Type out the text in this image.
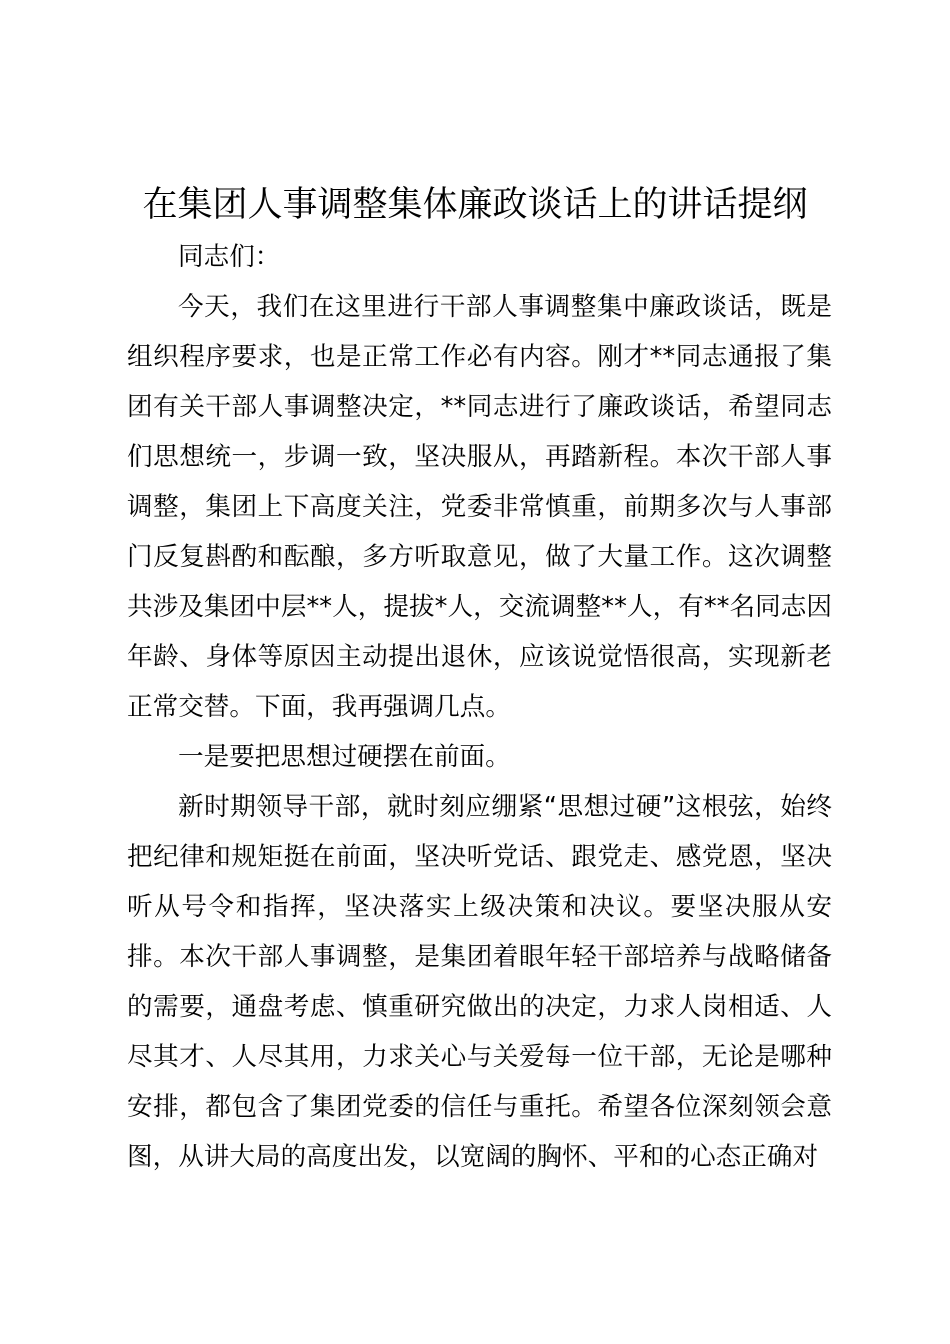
在集团人事调整集体廉政谈话上的讲话提纲

同志们：

今天，我们在这里进行干部人事调整集中廉政谈话，既是组织程序要求，也是正常工作必有内容。刚才**同志通报了集团有关干部人事调整决定，**同志进行了廉政谈话，希望同志们思想统一，步调一致，坚决服从，再踏新程。本次干部人事调整，集团上下高度关注，党委非常慎重，前期多次与人事部门反复斟酌和酝酿，多方听取意见，做了大量工作。这次调整共涉及集团中层**人，提拔*人，交流调整**人，有**名同志因年龄、身体等原因主动提出退休，应该说觉悟很高，实现新老正常交替。下面，我再强调几点。

一是要把思想过硬摆在前面。

新时期领导干部，就时刻应绷紧“思想过硬”这根弦，始终把纪律和规矩挺在前面，坚决听党话、跟党走、感党恩，坚决听从号令和指挥，坚决落实上级决策和决议。要坚决服从安排。本次干部人事调整，是集团着眼年轻干部培养与战略储备的需要，通盘考虑、慎重研究做出的决定，力求人岗相适、人尽其才、人尽其用，力求关心与关爱每一位干部，无论是哪种安排，都包含了集团党委的信任与重托。希望各位深刻领会意图，从讲大局的高度出发，以宽阔的胸怀、平和的心态正确对
